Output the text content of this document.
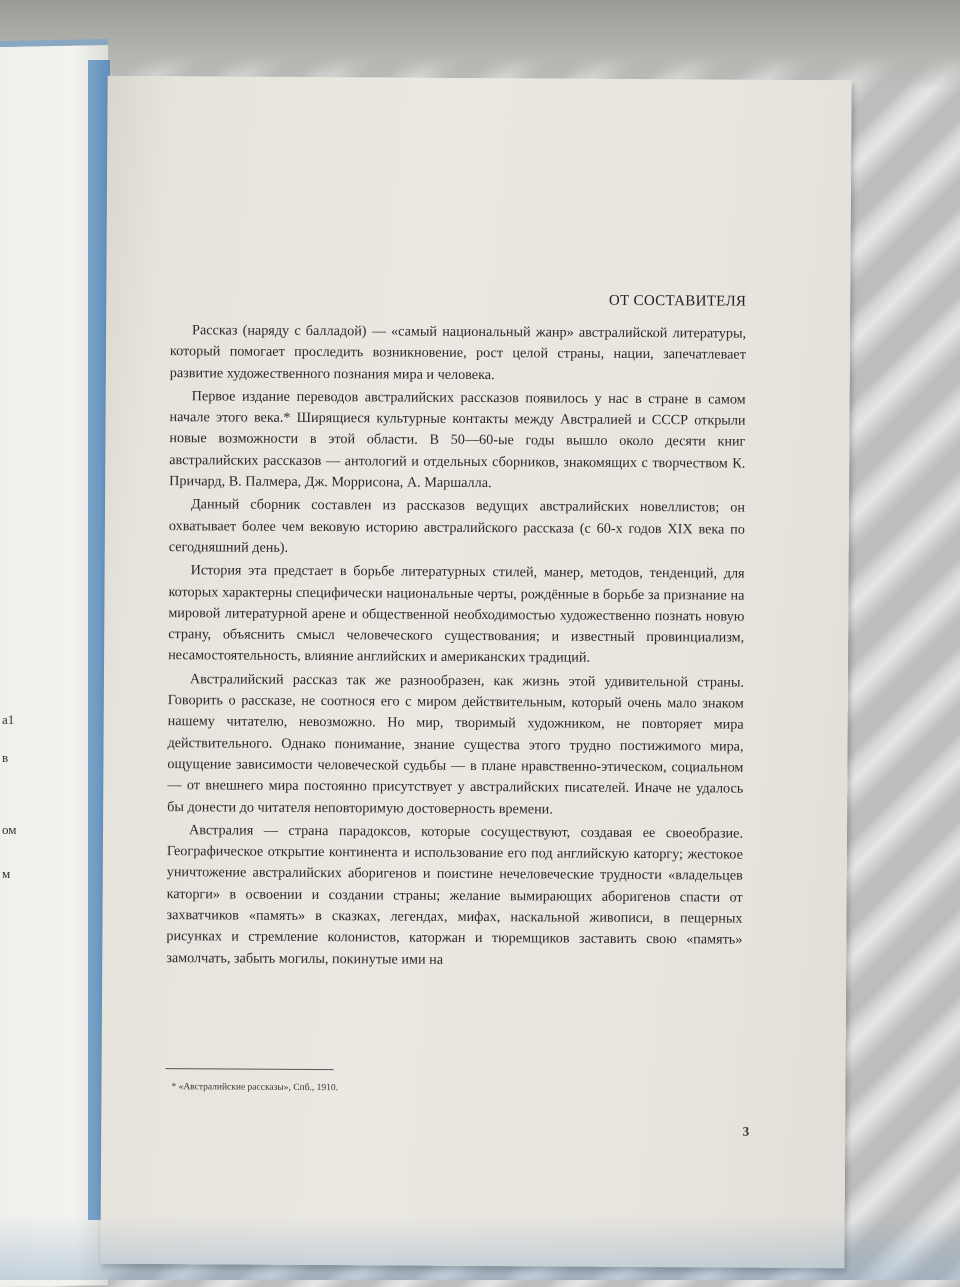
а1
в
ом
м
ОТ СОСТАВИТЕЛЯ

Рассказ (наряду с балладой) — «самый национальный жанр» австралийской литературы, который помогает проследить возникновение, рост целой страны, нации, запечатлевает развитие художественного познания мира и человека.

Первое издание переводов австралийских рассказов появилось у нас в стране в самом начале этого века.* Ширящиеся культурные контакты между Австралией и СССР открыли новые возможности в этой области. В 50—60-ые годы вышло около десяти книг австралийских рассказов — антологий и отдельных сборников, знакомящих с творчеством К. Причард, В. Палмера, Дж. Моррисона, А. Маршалла.

Данный сборник составлен из рассказов ведущих австралийских новеллистов; он охватывает более чем вековую историю австралийского рассказа (с 60-х годов XIX века по сегодняшний день).

История эта предстает в борьбе литературных стилей, манер, методов, тенденций, для которых характерны специфически национальные черты, рождённые в борьбе за признание на мировой литературной арене и общественной необходимостью художественно познать новую страну, объяснить смысл человеческого существования; и известный провинциализм, несамостоятельность, влияние английских и американских традиций.

Австралийский рассказ так же разнообразен, как жизнь этой удивительной страны. Говорить о рассказе, не соотнося его с миром действительным, который очень мало знаком нашему читателю, невозможно. Но мир, творимый художником, не повторяет мира действительного. Однако понимание, знание существа этого трудно постижимого мира, ощущение зависимости человеческой судьбы — в плане нравственно-этическом, социальном — от внешнего мира постоянно присутствует у австралийских писателей. Иначе не удалось бы донести до читателя неповторимую достоверность времени.

Австралия — страна парадоксов, которые сосуществуют, создавая ее своеобразие. Географическое открытие континента и использование его под английскую каторгу; жестокое уничтожение австралийских аборигенов и поистине нечеловеческие трудности «владельцев каторги» в освоении и создании страны; желание вымирающих аборигенов спасти от захватчиков «память» в сказках, легендах, мифах, наскальной живописи, в пещерных рисунках и стремление колонистов, каторжан и тюремщиков заставить свою «память» замолчать, забыть могилы, покинутые ими на

* «Австралийские рассказы», Спб., 1910.
3
